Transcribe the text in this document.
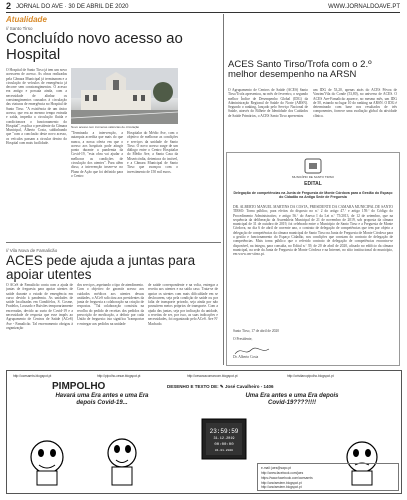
2 JORNAL DO AVE · 30 DE ABRIL DE 2020	WWW.JORNALDOAVE.PT
Atualidade
// Santo Tirso
Concluído novo acesso ao Hospital
O Hospital de Santo Tirso já tem um novo acessoem de acesso. As obras realizadas pela Câmara Municipal já terminaram e a circulação de veículos de emergência já decorre sem constrangimentos. O acesso era antigo e possuía ainda, com a necessidade de alinhar os constrangimentos causados à circulação das viaturas de emergência no Hospital de Santo Tirso. "A existência de um único acesso, que era ao mesmo tempo entrada e saída, impedia a circulação fluida e condicionava o funcionamento do Hospital", explica o presidente da Câmara Municipal, Alberto Costa, sublinhando que "com a conclusão deste novo acesso, os veículos passam a circular dentro do Hospital com mais facilidade.
Novo acesso tem inúmeras valências de circulação
"Terminada a intervenção, a autarquia acredita que mais do que nunca, a nossa oferta em que o acesso aos hospitais pode atingir ponto durante a pandemia da Covid-19, "esta obra vai ajudar a melhorar as condições de circulação dos utentes". Para além disso, a intervenção insere-se no Plano de Ação que foi definido para o Centro
Hospitalar do Médio Ave, com o objetivo de melhorar as condições e serviços da unidade de Santo Tirso. O novo acesso surge de um diálogo entre o Centro Hospitalar do Médio Ave, a Santa Casa da Misericórdia, detentora do imóvel, e a Câmara Municipal de Santo Tirso que avançou com o investimento de 150 mil euros.
// Vila Nova de Famalicão
ACES pede ajuda a juntas para apoiar utentes
O ACeS de Famalicão conta com a ajuda de juntas de freguesia para apoiar utentes de saúde durante o estado de emergência em curso devido à pandemia. As unidades de saúde localizadas em Gondifelos, S. Cosme, Fradelos, Lousado e Ruivães temporariamente encerradas, devido ao surto de Covid-19 e a necessidade de resposta que esse impôs ao Agrupamento de Centros de Saúde (ACeS) Ave - Famalicão. Tal encerramento obrigou à organização
dos serviços, aspetando o tipo de atendimento. Com o objetivo de garantir acesso aos cuidados médicos aos utentes dessas unidades, o ACeS solicitou aos presidentes da junta de freguesia a colaboração na criação de respostas. "Tal colaboração consistiu na recolha do pedido de receitas dos pedidos da prescrição de medicação, a definir por cada União de freguesia: isto significa "transportar e entregar aos pedidos na unidade
de saúde correspondente e na volta, entregar a receita aos utentes e na saída caso. Trata-se de apoiar os utentes com mais dificuldade em se deslocarem, seja pela condição de saúde ou por falta de transporte privado, seja ainda por não possuírem meios próprios de transporte. Com a ajuda das juntas, seja por indicação da unidade, a receitas de ser, por isso, as suas indicações e necessidades, foi organizado pelo ACeS. Ave Nº Machado.
ACES Santo Tirso/Trofa com o 2.º melhor desempenho na ARSN
O Agrupamento de Centros de Saúde (ACES) Santo Tirso/Trofa apresentou, no mês de fevereiro, o segundo melhor Índice de Desempenho Global (IDG) da Administração Regional de Saúde do Norte (ARSN). Segundo o ranking, lançado pelo Serviço Nacional de Saúde, através do Bilhete de Identidade dos Cuidados de Saúde Primários, o ACES Santo Tirso apresentou
um IDG de 53,20, apenas atrás do ACES Póvoa de Varzim/Vila do Conde (53,80), no universo de ACES. O ACES Ave-Famalicão aparece, no mesmo mês, um IDG de 50, estando no lugar 10 do ranking na ARSN. O IDG é determinado com base nos resultados de três componentes, fornece uma avaliação global da atividade clínica.
EDITAL
MUNICÍPIO DE SANTO TIRSO
Delegação de competências na Junta de Freguesia de Monte Córdova para a Gestão do Espaço do Cidadão na Antiga Sede de Freguesia
DR. ALBERTO MANUEL MARTINS DA COSTA, PRESIDENTE DA CÂMARA MUNICIPAL DE SANTO TIRSO: Torna público, para efeitos do disposto no n.º 2 do artigo 47.º e artigo 159.º do Código do Procedimento Administrativo, e artigo 56.º do Anexo I da Lei n.º 75/2013, de 12 de setembro, que na sequência da deliberação da Assembleia Municipal de 21 de novembro de 2019, sob proposta da câmara municipal de 31 de outubro de 2019, foi celebrado entre o Município de Santo Tirso e a Freguesia de Monte Córdova, no dia 6 de abril de corrente ano, o contrato de delegação de competências que tem por objeto a delegação de competências da câmara municipal de Santo Tirso na Junta de Freguesia de Monte Córdova para a gestão e funcionamento do Espaço Cidadão, nos condições que constam do contrato de delegação de competências. Mais torna público que o referido contrato de delegação de competências encontra-se disponível, na íntegra, para consulta, no Edital n.º 39, de 20 de abril de 2020, afixado no edifício da câmara municipal, na sede da Junta de Freguesia de Monte Córdova e na Internet, no sítio institucional do município, em www.cm-stirso.pt.
Santo Tirso, 17 de abril de 2020
O Presidente,
Dr. Alberto Costa
http://ocesarnts.blogspot.pt	http://pipolho-cesar.blogspot.pt	http://cesarcacomarcom.blogspot.pt	http://cristianopipolho.blogspot.pt
PIMPOLHO	DESENHO E TEXTO DE: ✎ José Cavalheiro - 1406
Havará uma Era antes e uma Era depois Covid-19...
Uma Era antes e uma Era depois Covid-19????!!!!
23:59:59
31.12.2019
00:00:00
01.01.2020
e-mail: jaes@sapo.pt
http://www.facebook.com/jaes
https://www.facebook.com/ocesarnts
http://ancisestem.blogspot.pt
http://ancisestem.blogspot.pt
